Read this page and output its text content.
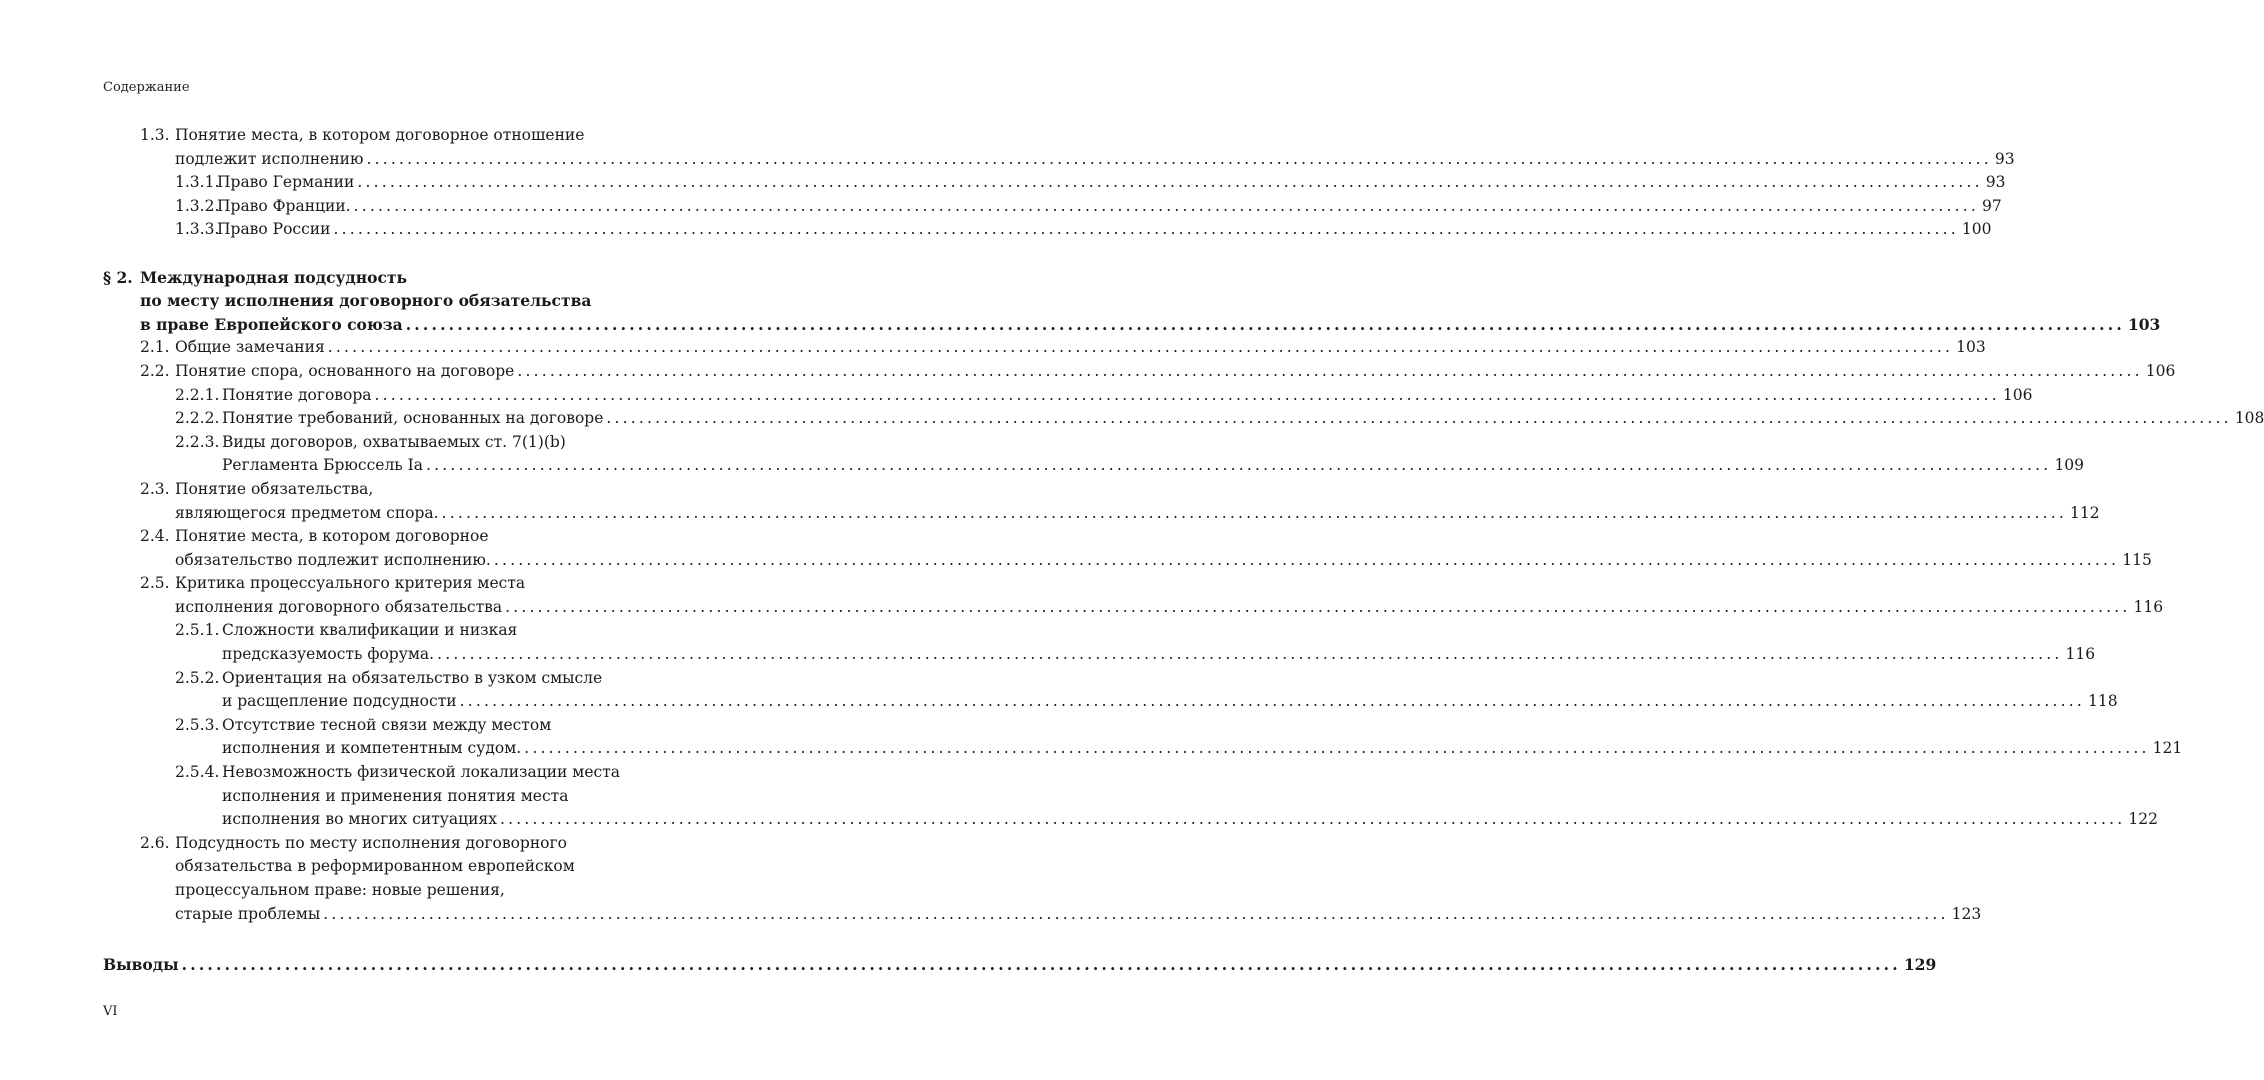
Содержание
1.3. Понятие места, в котором договорное отношение
подлежит исполнению ........................................................................................................................................................................................................ 93
1.3.1.
Право Германии ........................................................................................................................................................................................................ 93
1.3.2.
Право Франции. ........................................................................................................................................................................................................ 97
1.3.3.
Право России ........................................................................................................................................................................................................ 100
§ 2. Международная подсудность
по месту исполнения договорного обязательства
в праве Европейского союза ........................................................................................................................................................................................................ 103
2.1. Общие замечания ........................................................................................................................................................................................................ 103
2.2. Понятие спора, основанного на договоре ........................................................................................................................................................................................................ 106
2.2.1. Понятие договора ........................................................................................................................................................................................................ 106
2.2.2. Понятие требований, основанных на договоре ........................................................................................................................................................................................................ 108
2.2.3. Виды договоров, охватываемых ст. 7(1)(b)
Регламента Брюссель Ia ........................................................................................................................................................................................................ 109
2.3. Понятие обязательства,
являющегося предметом спора. ........................................................................................................................................................................................................ 112
2.4. Понятие места, в котором договорное
обязательство подлежит исполнению. ........................................................................................................................................................................................................ 115
2.5. Критика процессуального критерия места
исполнения договорного обязательства ........................................................................................................................................................................................................ 116
2.5.1. Сложности квалификации и низкая
предсказуемость форума. ........................................................................................................................................................................................................ 116
2.5.2. Ориентация на обязательство в узком смысле
и расщепление подсудности ........................................................................................................................................................................................................ 118
2.5.3. Отсутствие тесной связи между местом
исполнения и компетентным судом. ........................................................................................................................................................................................................ 121
2.5.4. Невозможность физической локализации места
исполнения и применения понятия места
исполнения во многих ситуациях ........................................................................................................................................................................................................ 122
2.6. Подсудность по месту исполнения договорного
обязательства в реформированном европейском
процессуальном праве: новые решения,
старые проблемы ........................................................................................................................................................................................................ 123
Выводы ........................................................................................................................................................................................................ 129
VI
